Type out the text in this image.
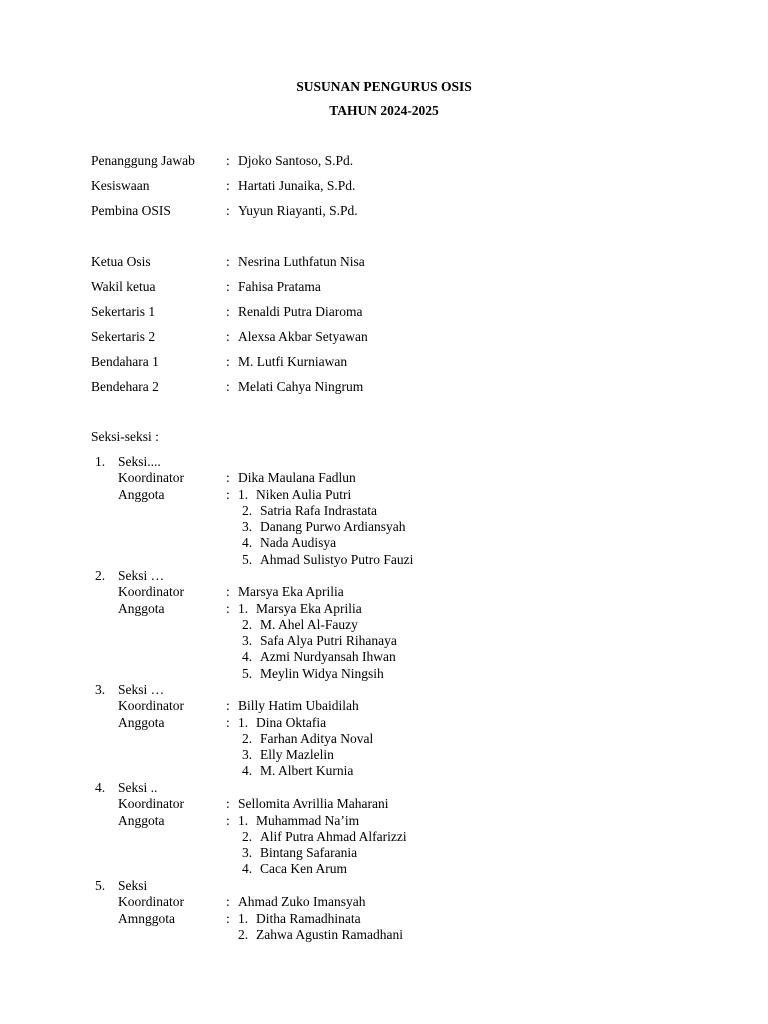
SUSUNAN PENGURUS OSIS
TAHUN 2024-2025
Penanggung Jawab : Djoko Santoso, S.Pd.
Kesiswaan	: Hartati Junaika, S.Pd.
Pembina OSIS	: Yuyun Riayanti, S.Pd.
Ketua Osis	: Nesrina Luthfatun Nisa
Wakil ketua	: Fahisa Pratama
Sekertaris 1	: Renaldi Putra Diaroma
Sekertaris 2	: Alexsa Akbar Setyawan
Bendahara 1	: M. Lutfi Kurniawan
Bendehara 2	: Melati Cahya Ningrum
Seksi-seksi :
1. Seksi....
Koordinator	: Dika Maulana Fadlun
Anggota	: 1. Niken Aulia Putri
2. Satria Rafa Indrastata
3. Danang Purwo Ardiansyah
4. Nada Audisya
5. Ahmad Sulistyo Putro Fauzi
2. Seksi …
Koordinator	: Marsya Eka Aprilia
Anggota	: 1. Marsya Eka Aprilia
2. M. Ahel Al-Fauzy
3. Safa Alya Putri Rihanaya
4. Azmi Nurdyansah Ihwan
5. Meylin Widya Ningsih
3. Seksi …
Koordinator	: Billy Hatim Ubaidilah
Anggota	: 1. Dina Oktafia
2. Farhan Aditya Noval
3. Elly Mazlelin
4. M. Albert Kurnia
4. Seksi ..
Koordinator	: Sellomita Avrillia Maharani
Anggota	: 1. Muhammad Na’im
2. Alif Putra Ahmad Alfarizzi
3. Bintang Safarania
4. Caca Ken Arum
5. Seksi
Koordinator	: Ahmad Zuko Imansyah
Amnggota	: 1. Ditha Ramadhinata
2. Zahwa Agustin Ramadhani
